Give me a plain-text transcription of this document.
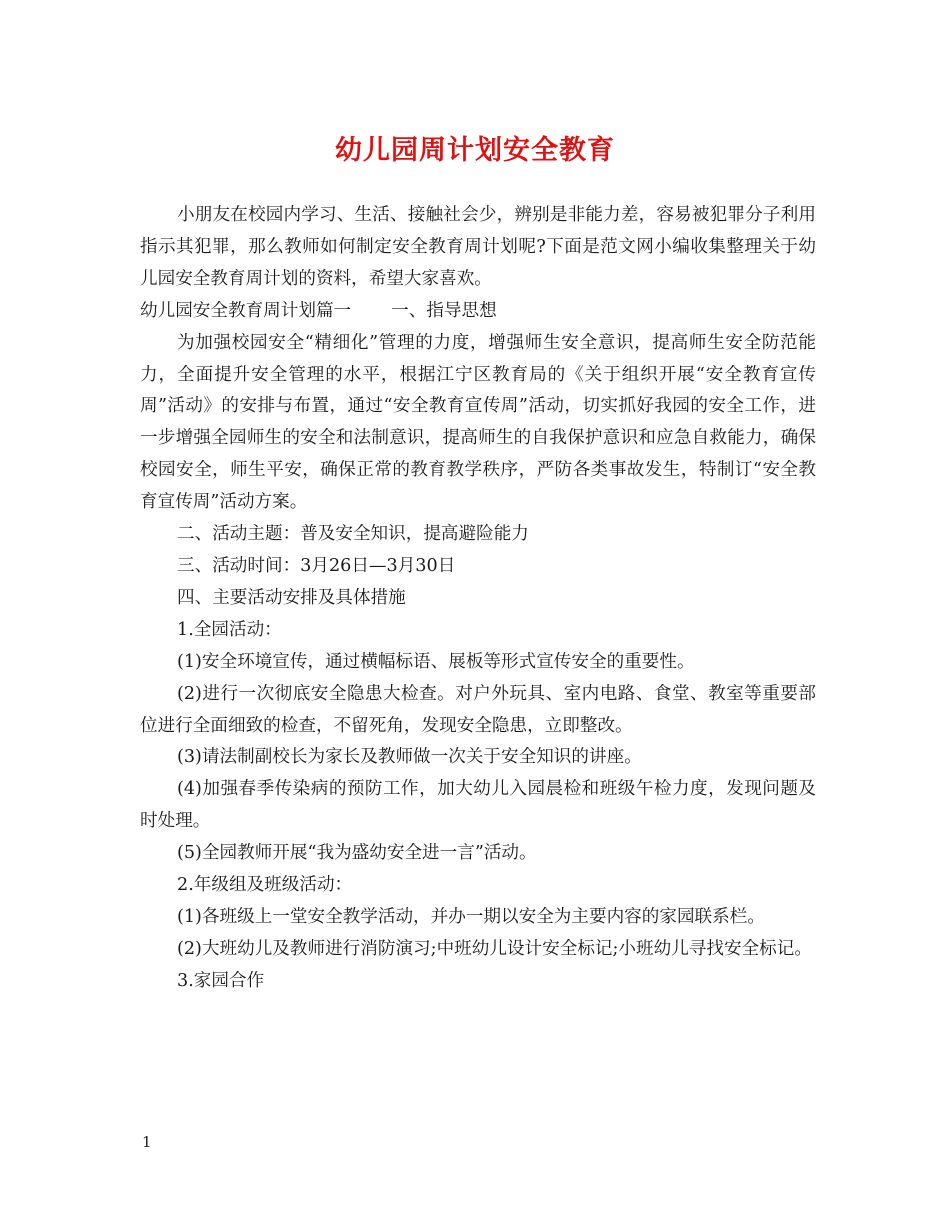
幼儿园周计划安全教育

小朋友在校园内学习、生活、接触社会少，辨别是非能力差，容易被犯罪分子利用指示其犯罪，那么教师如何制定安全教育周计划呢?下面是范文网小编收集整理关于幼儿园安全教育周计划的资料，希望大家喜欢。

幼儿园安全教育周计划篇一 一、指导思想

为加强校园安全“精细化”管理的力度，增强师生安全意识，提高师生安全防范能力，全面提升安全管理的水平，根据江宁区教育局的《关于组织开展“安全教育宣传周”活动》的安排与布置，通过“安全教育宣传周”活动，切实抓好我园的安全工作，进一步增强全园师生的安全和法制意识，提高师生的自我保护意识和应急自救能力，确保校园安全，师生平安，确保正常的教育教学秩序，严防各类事故发生，特制订“安全教育宣传周”活动方案。

二、活动主题：普及安全知识，提高避险能力

三、活动时间：3月26日—3月30日

四、主要活动安排及具体措施

1.全园活动：

(1)安全环境宣传，通过横幅标语、展板等形式宣传安全的重要性。

(2)进行一次彻底安全隐患大检查。对户外玩具、室内电路、食堂、教室等重要部位进行全面细致的检查，不留死角，发现安全隐患，立即整改。

(3)请法制副校长为家长及教师做一次关于安全知识的讲座。

(4)加强春季传染病的预防工作，加大幼儿入园晨检和班级午检力度，发现问题及时处理。

(5)全园教师开展“我为盛幼安全进一言”活动。

2.年级组及班级活动：

(1)各班级上一堂安全教学活动，并办一期以安全为主要内容的家园联系栏。

(2)大班幼儿及教师进行消防演习;中班幼儿设计安全标记;小班幼儿寻找安全标记。

3.家园合作

1
